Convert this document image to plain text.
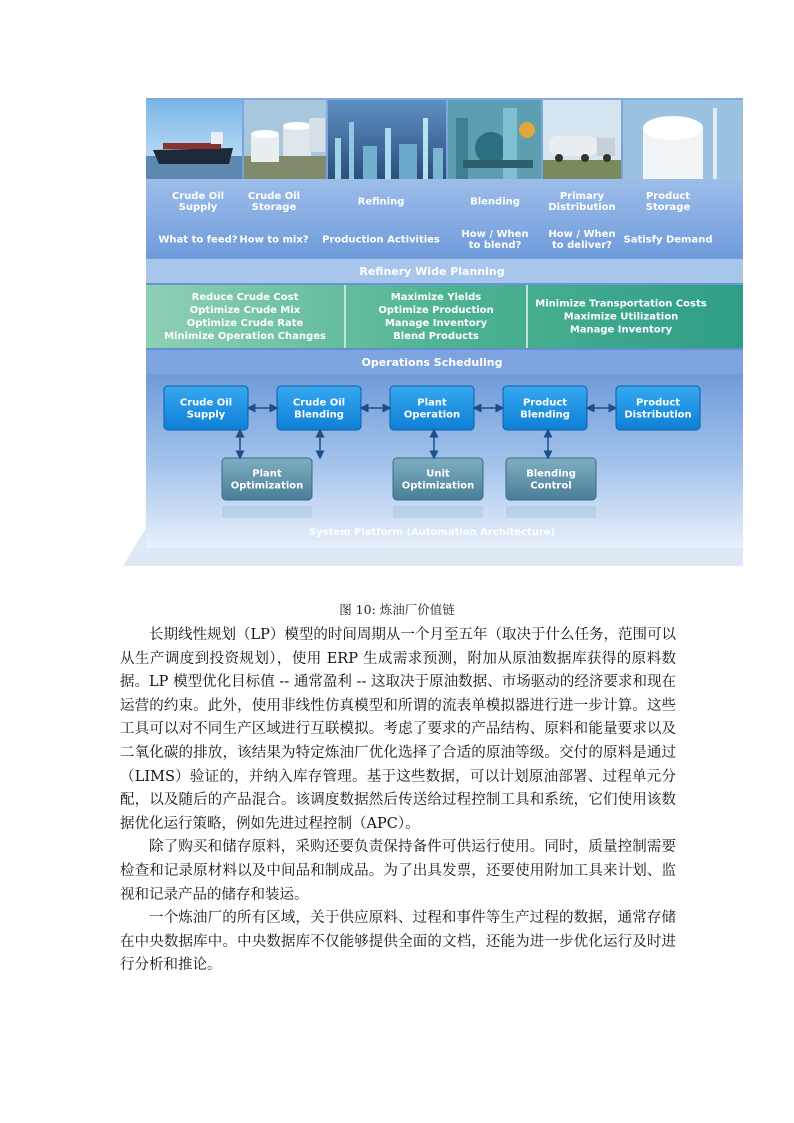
Crude Oil Supply
What to feed?
Crude Oil Storage
How to mix?
Refining
Production Activities
Blending
How / When to blend?
Primary Distribution
How / When to deliver?
Product Storage
Satisfy Demand
Refinery Wide Planning
Reduce Crude Cost Optimize Crude Mix Optimize Crude Rate Minimize Operation Changes
Maximize Yields Optimize Production Manage Inventory Blend Products
Minimize Transportation Costs Maximize Utilization Manage Inventory
Operations Scheduling
Crude Oil Supply
Crude Oil Blending
Plant Operation
Product Blending
Product Distribution
Plant Optimization
Unit Optimization
Blending Control
System Platform (Automation Architecture)
图 10: 炼油厂价值链

长期线性规划（LP）模型的时间周期从一个月至五年（取决于什么任务，范围可以从生产调度到投资规划），使用 ERP 生成需求预测，附加从原油数据库获得的原料数据。LP 模型优化目标值 -- 通常盈利 -- 这取决于原油数据、市场驱动的经济要求和现在运营的约束。此外，使用非线性仿真模型和所谓的流表单模拟器进行进一步计算。这些工具可以对不同生产区域进行互联模拟。考虑了要求的产品结构、原料和能量要求以及二氧化碳的排放，该结果为特定炼油厂优化选择了合适的原油等级。交付的原料是通过（LIMS）验证的，并纳入库存管理。基于这些数据，可以计划原油部署、过程单元分配，以及随后的产品混合。该调度数据然后传送给过程控制工具和系统，它们使用该数据优化运行策略，例如先进过程控制（APC）。

除了购买和储存原料，采购还要负责保持备件可供运行使用。同时，质量控制需要检查和记录原材料以及中间品和制成品。为了出具发票，还要使用附加工具来计划、监视和记录产品的储存和装运。

一个炼油厂的所有区域，关于供应原料、过程和事件等生产过程的数据，通常存储在中央数据库中。中央数据库不仅能够提供全面的文档，还能为进一步优化运行及时进行分析和推论。
